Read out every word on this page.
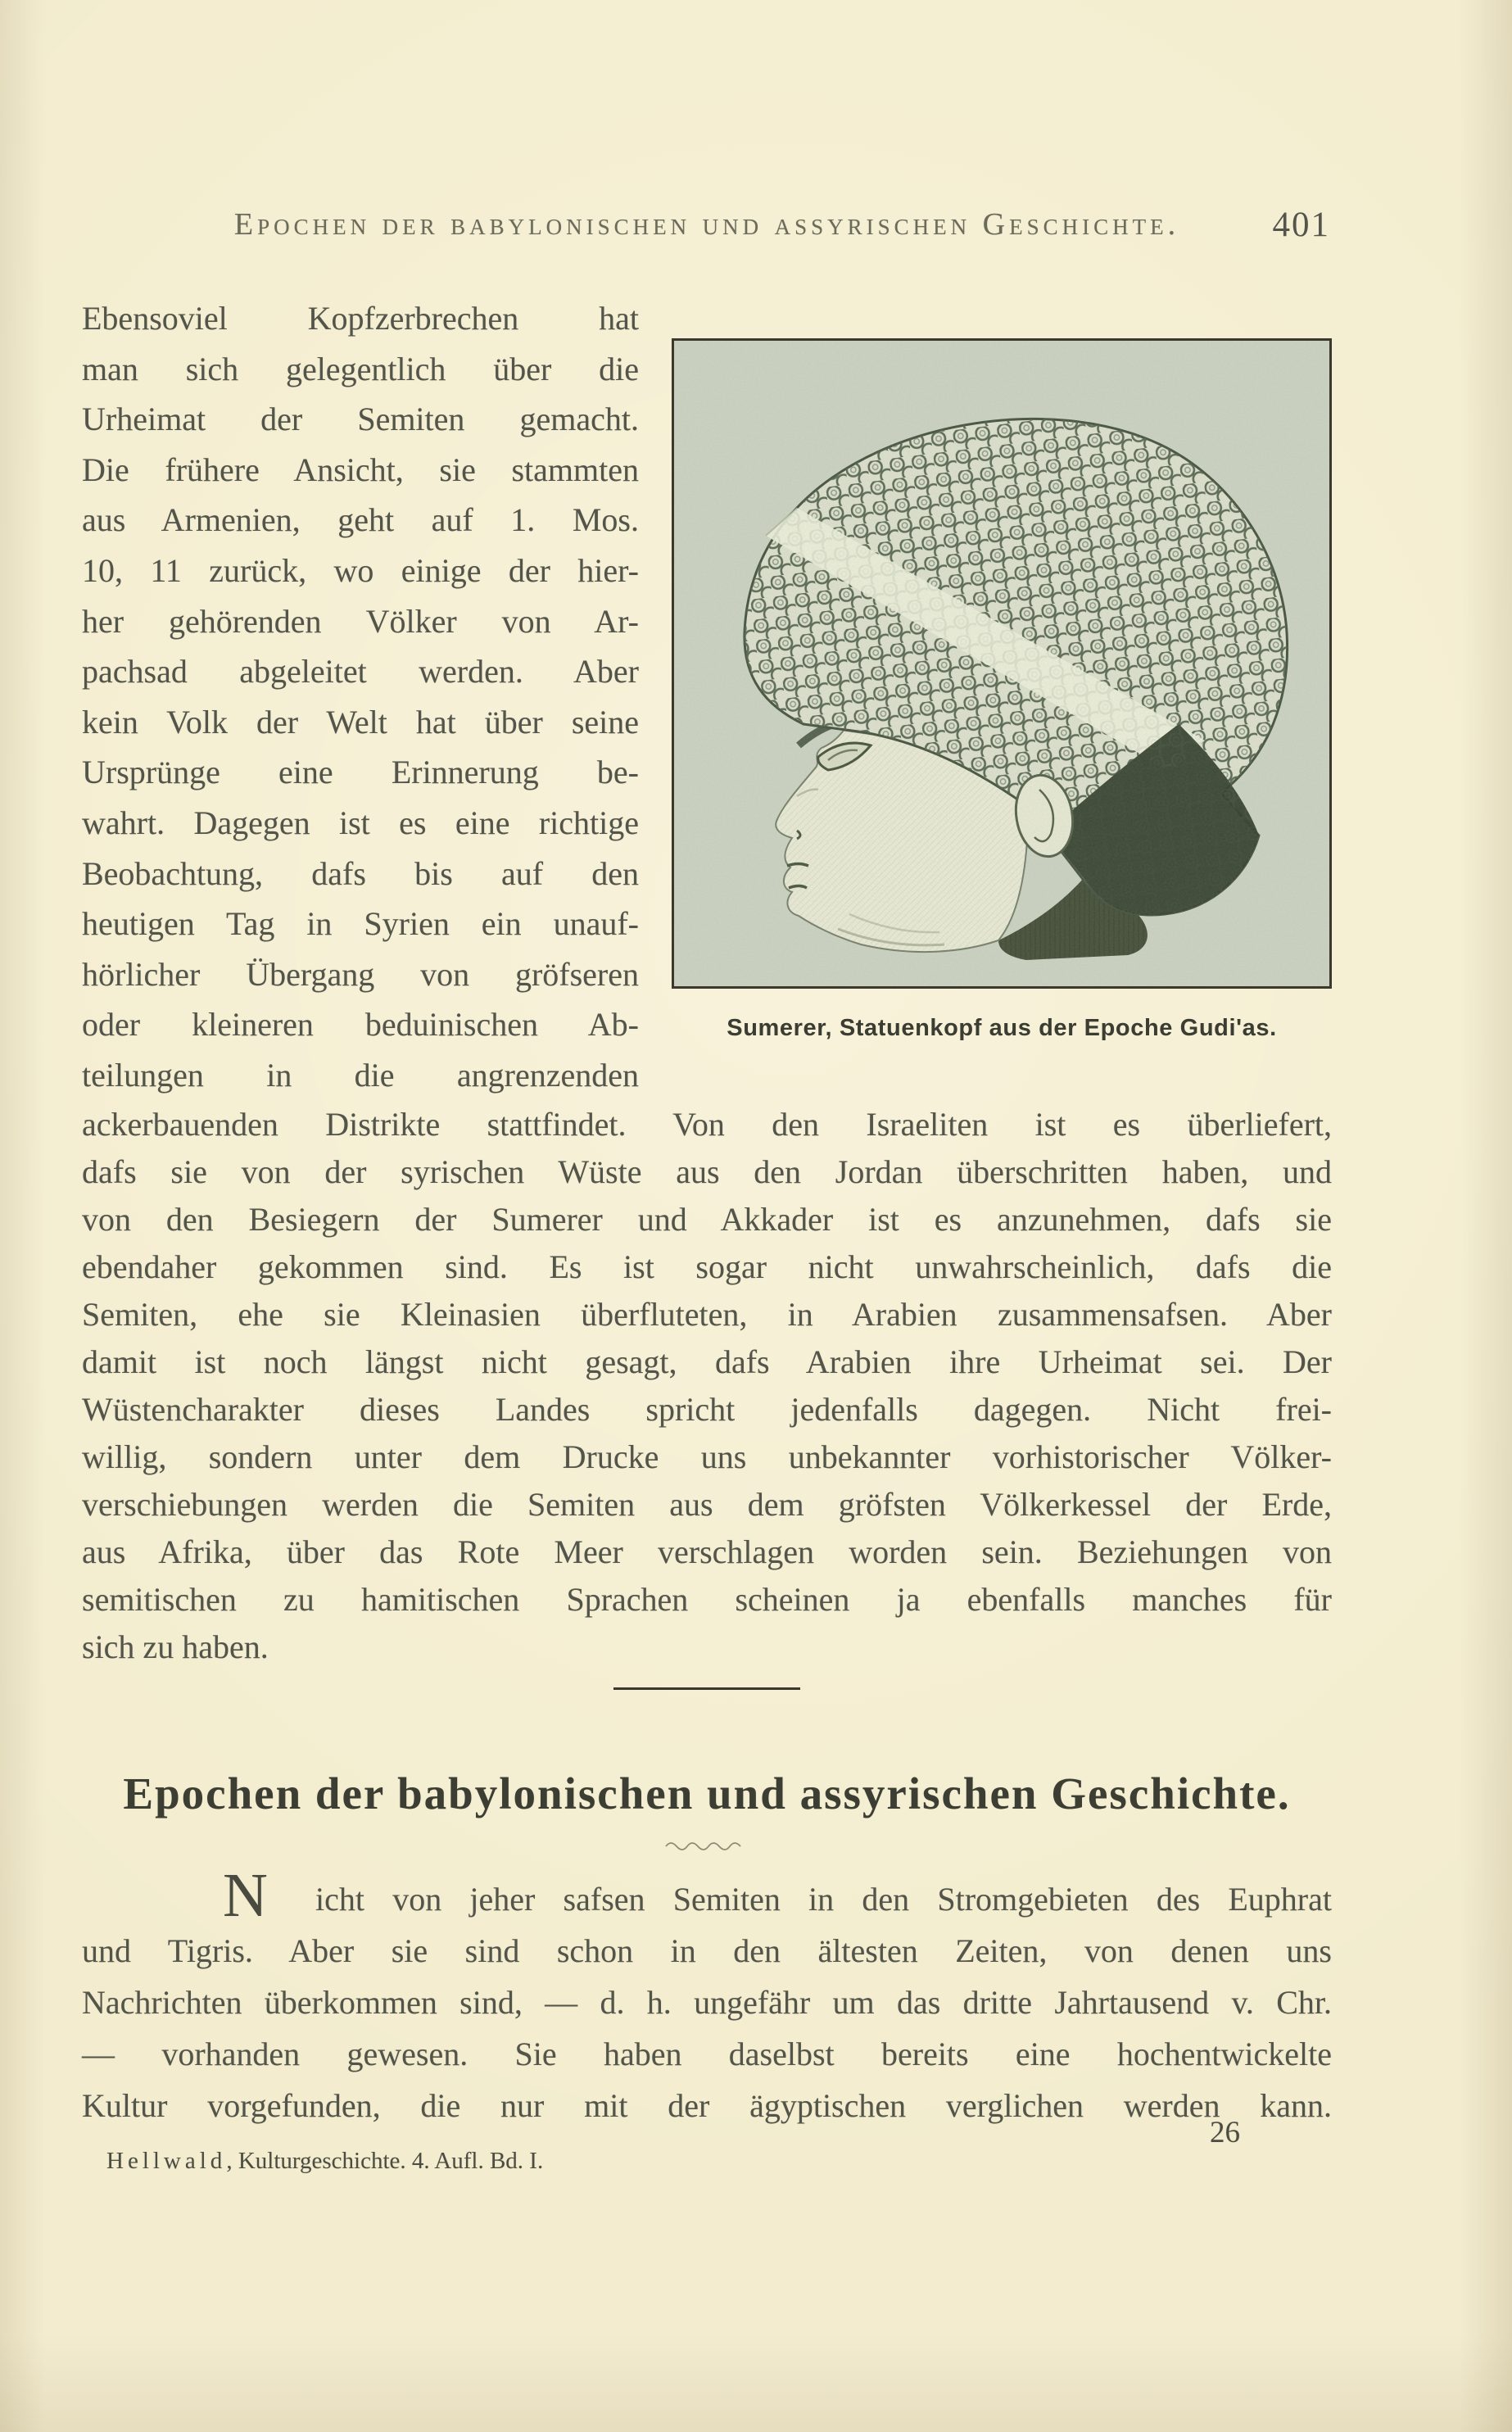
Epochen der babylonischen und assyrischen Geschichte.	401
Sumerer, Statuenkopf aus der Epoche Gudi'as.
Ebensoviel Kopfzerbrechen hat
man sich gelegentlich über die
Urheimat der Semiten gemacht.
Die frühere Ansicht, sie stammten
aus Armenien, geht auf 1. Mos.
10, 11 zurück, wo einige der hier-
her gehörenden Völker von Ar-
pachsad abgeleitet werden. Aber
kein Volk der Welt hat über seine
Ursprünge eine Erinnerung be-
wahrt. Dagegen ist es eine richtige
Beobachtung, dafs bis auf den
heutigen Tag in Syrien ein unauf-
hörlicher Übergang von gröfseren
oder kleineren beduinischen Ab-
teilungen in die angrenzenden
ackerbauenden Distrikte stattfindet. Von den Israeliten ist es überliefert,
dafs sie von der syrischen Wüste aus den Jordan überschritten haben, und
von den Besiegern der Sumerer und Akkader ist es anzunehmen, dafs sie
ebendaher gekommen sind. Es ist sogar nicht unwahrscheinlich, dafs die
Semiten, ehe sie Kleinasien überfluteten, in Arabien zusammensafsen. Aber
damit ist noch längst nicht gesagt, dafs Arabien ihre Urheimat sei. Der
Wüstencharakter dieses Landes spricht jedenfalls dagegen. Nicht frei-
willig, sondern unter dem Drucke uns unbekannter vorhistorischer Völker-
verschiebungen werden die Semiten aus dem gröfsten Völkerkessel der Erde,
aus Afrika, über das Rote Meer verschlagen worden sein. Beziehungen von
semitischen zu hamitischen Sprachen scheinen ja ebenfalls manches für
sich zu haben.
Epochen der babylonischen und assyrischen Geschichte.
N icht von jeher safsen Semiten in den Stromgebieten des Euphrat
und Tigris. Aber sie sind schon in den ältesten Zeiten, von denen uns
Nachrichten überkommen sind, — d. h. ungefähr um das dritte Jahrtausend v. Chr.
— vorhanden gewesen. Sie haben daselbst bereits eine hochentwickelte
Kultur vorgefunden, die nur mit der ägyptischen verglichen werden kann.
Hellwald, Kulturgeschichte. 4. Aufl. Bd. I.
26
